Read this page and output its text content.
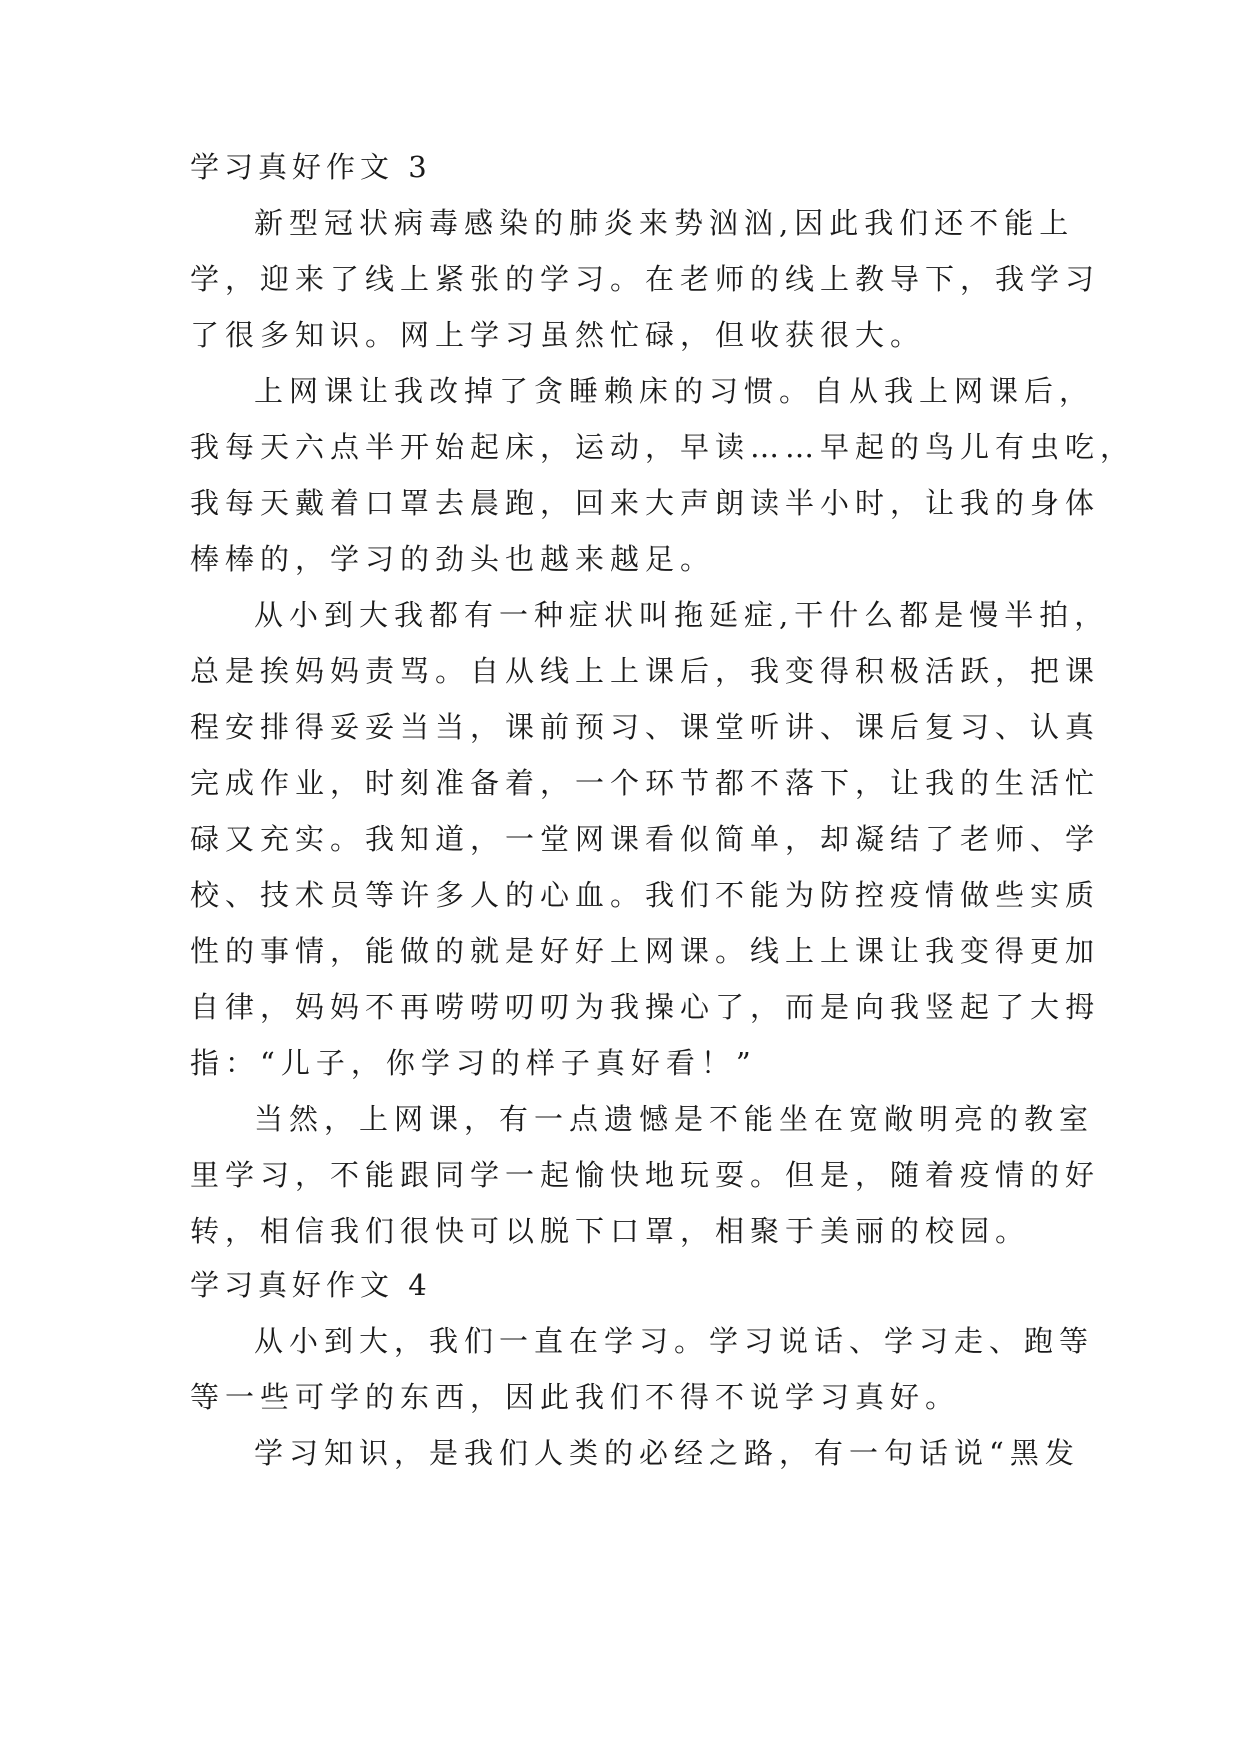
学习真好作文 3
新型冠状病毒感染的肺炎来势汹汹,因此我们还不能上
学，迎来了线上紧张的学习。在老师的线上教导下，我学习
了很多知识。网上学习虽然忙碌，但收获很大。
上网课让我改掉了贪睡赖床的习惯。自从我上网课后，
我每天六点半开始起床，运动，早读……早起的鸟儿有虫吃，
我每天戴着口罩去晨跑，回来大声朗读半小时，让我的身体
棒棒的，学习的劲头也越来越足。
从小到大我都有一种症状叫拖延症,干什么都是慢半拍，
总是挨妈妈责骂。自从线上上课后，我变得积极活跃，把课
程安排得妥妥当当，课前预习、课堂听讲、课后复习、认真
完成作业，时刻准备着，一个环节都不落下，让我的生活忙
碌又充实。我知道，一堂网课看似简单，却凝结了老师、学
校、技术员等许多人的心血。我们不能为防控疫情做些实质
性的事情，能做的就是好好上网课。线上上课让我变得更加
自律，妈妈不再唠唠叨叨为我操心了，而是向我竖起了大拇
指：“儿子，你学习的样子真好看！”
当然，上网课，有一点遗憾是不能坐在宽敞明亮的教室
里学习，不能跟同学一起愉快地玩耍。但是，随着疫情的好
转，相信我们很快可以脱下口罩，相聚于美丽的校园。
学习真好作文 4
从小到大，我们一直在学习。学习说话、学习走、跑等
等一些可学的东西，因此我们不得不说学习真好。
学习知识，是我们人类的必经之路，有一句话说“黑发
